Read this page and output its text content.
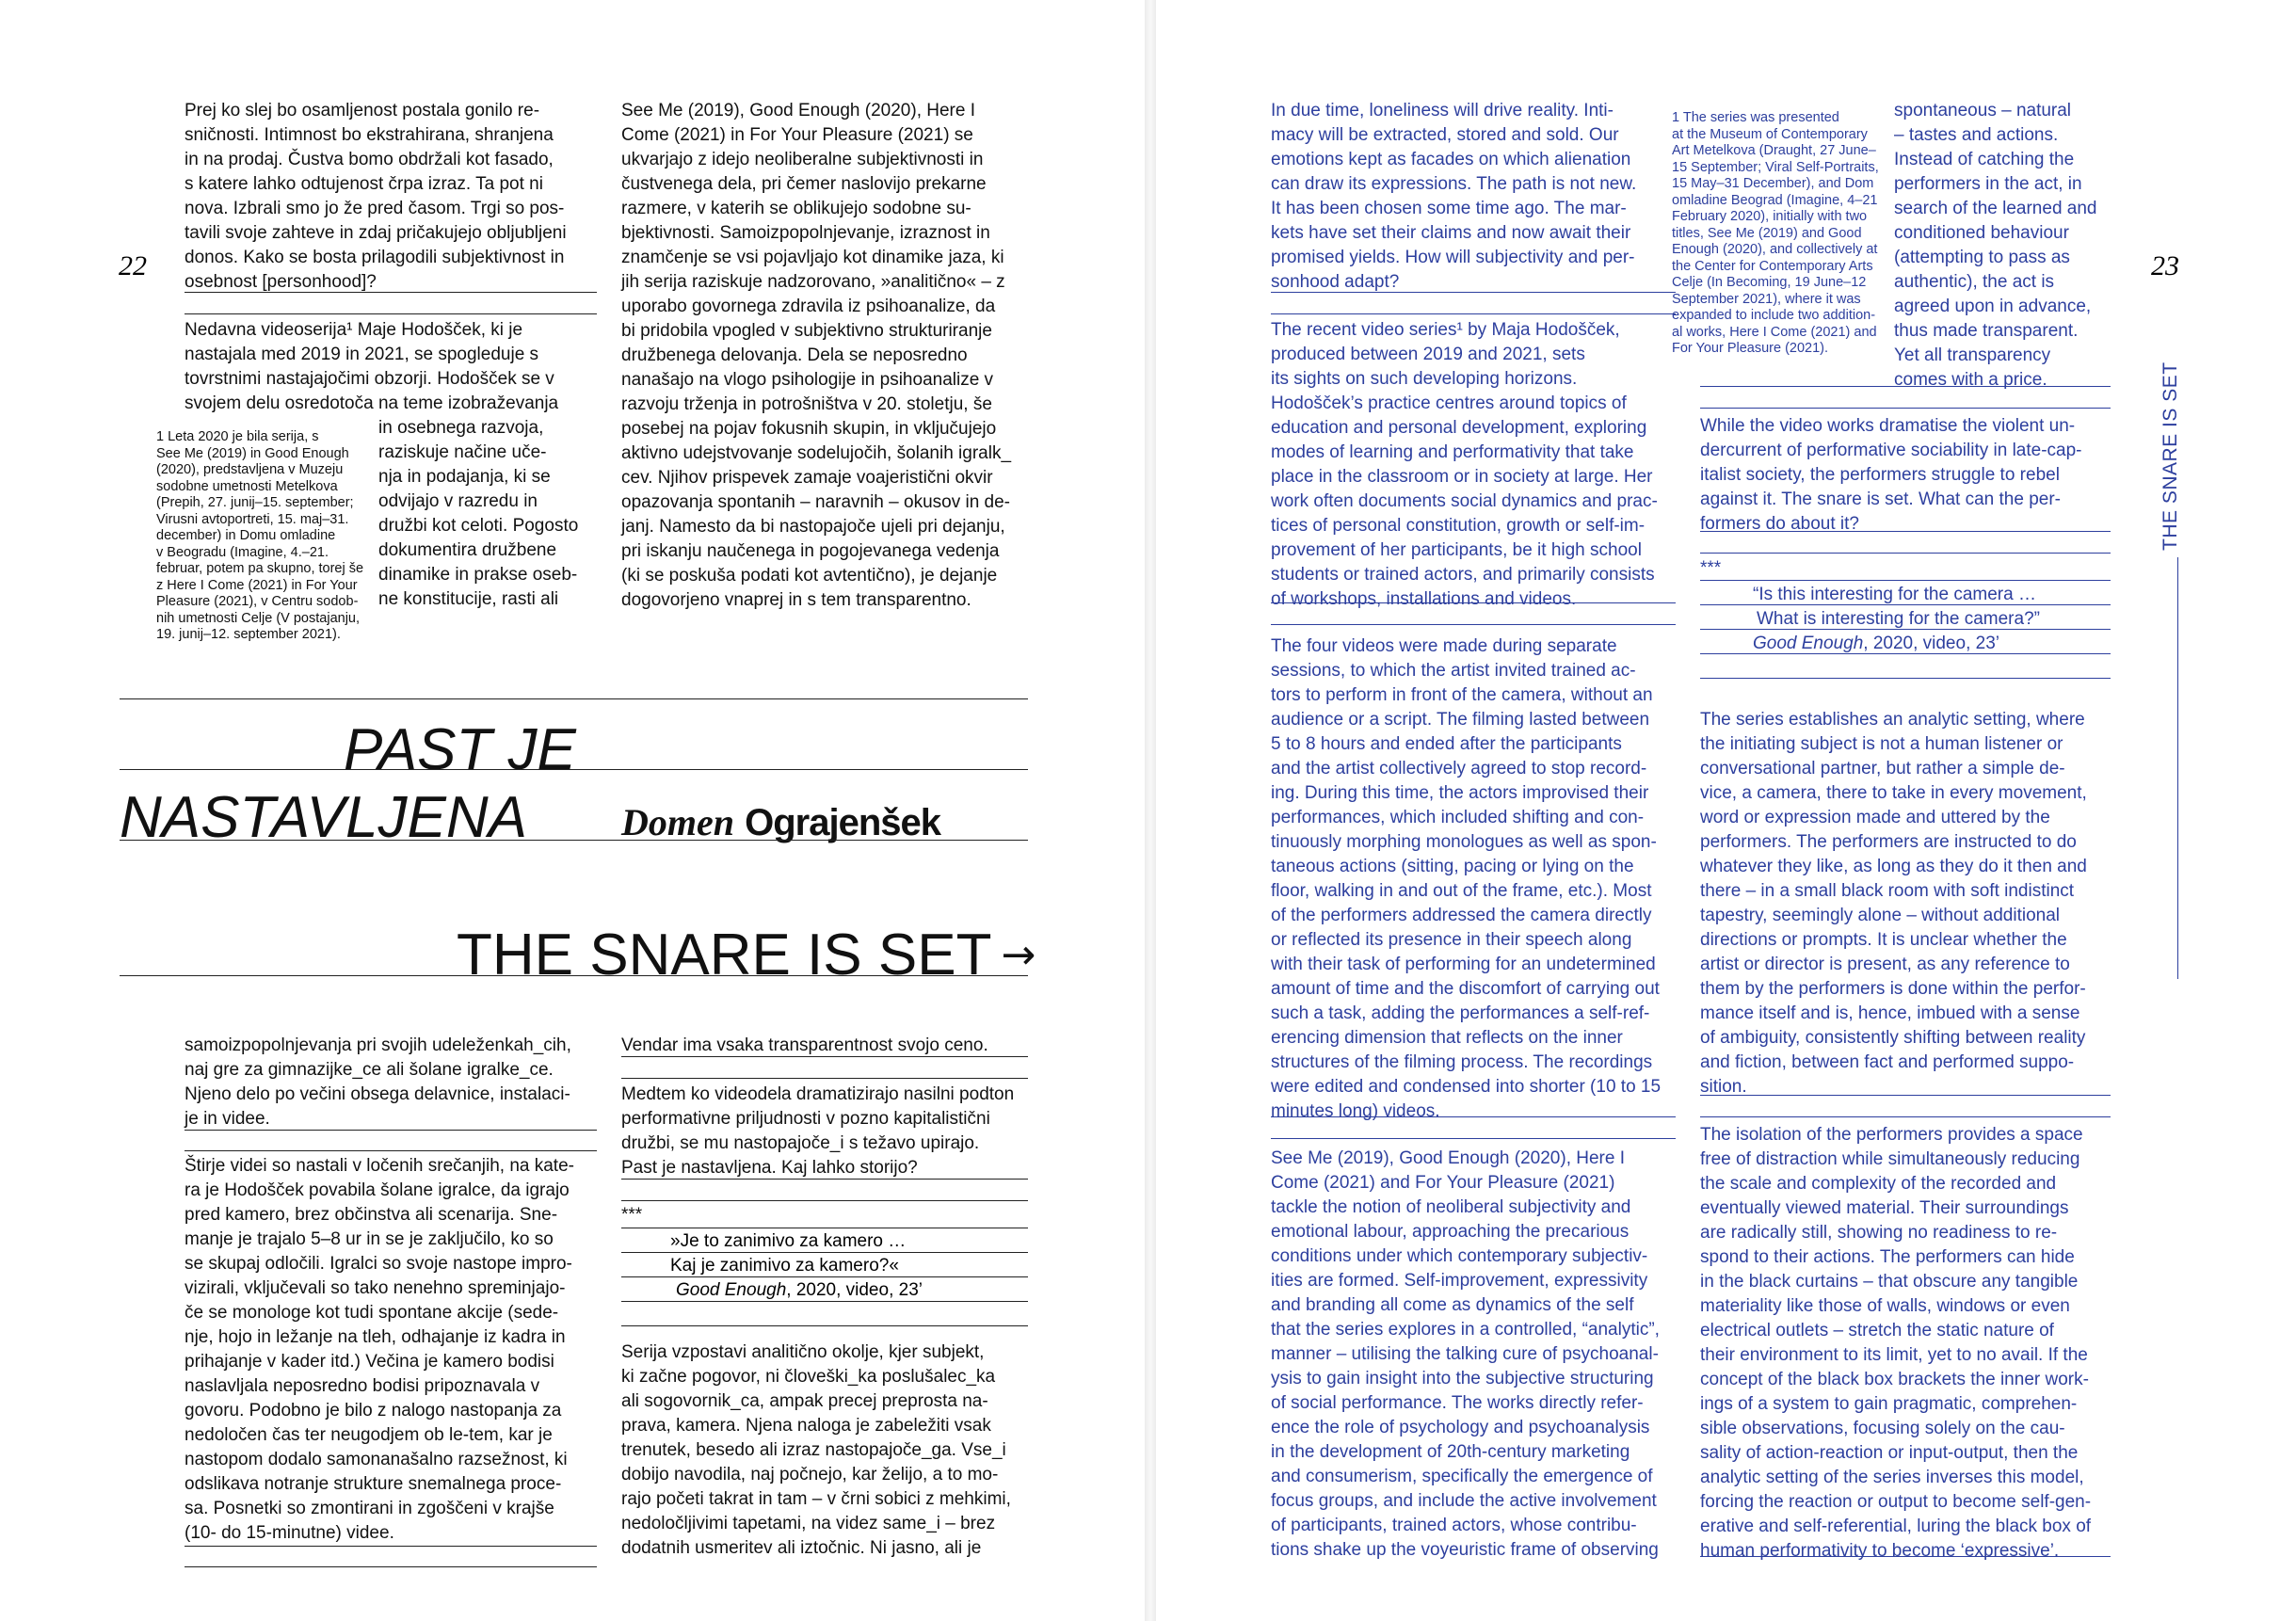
22
Prej ko slej bo osamljenost postala gonilo re-
sničnosti. Intimnost bo ekstrahirana, shranjena
in na prodaj. Čustva bomo obdržali kot fasado,
s katere lahko odtujenost črpa izraz. Ta pot ni
nova. Izbrali smo jo že pred časom. Trgi so pos-
tavili svoje zahteve in zdaj pričakujejo obljubljeni
donos. Kako se bosta prilagodili subjektivnost in
osebnost [personhood]?
Nedavna videoserija¹ Maje Hodošček, ki je
nastajala med 2019 in 2021, se spogleduje s
tovrstnimi nastajajočimi obzorji. Hodošček se v
svojem delu osredotoča na teme izobraževanja
in osebnega razvoja,
raziskuje načine uče-
nja in podajanja, ki se
odvijajo v razredu in
družbi kot celoti. Pogosto
dokumentira družbene
dinamike in prakse oseb-
ne konstitucije, rasti ali
1 Leta 2020 je bila serija, s
See Me (2019) in Good Enough
(2020), predstavljena v Muzeju
sodobne umetnosti Metelkova
(Prepih, 27. junij–15. september;
Virusni avtoportreti, 15. maj–31.
december) in Domu omladine
v Beogradu (Imagine, 4.–21.
februar, potem pa skupno, torej še
z Here I Come (2021) in For Your
Pleasure (2021), v Centru sodob-
nih umetnosti Celje (V postajanju,
19. junij–12. september 2021).
See Me (2019), Good Enough (2020), Here I
Come (2021) in For Your Pleasure (2021) se
ukvarjajo z idejo neoliberalne subjektivnosti in
čustvenega dela, pri čemer naslovijo prekarne
razmere, v katerih se oblikujejo sodobne su-
bjektivnosti. Samoizpopolnjevanje, izraznost in
znamčenje se vsi pojavljajo kot dinamike jaza, ki
jih serija raziskuje nadzorovano, »analitično« – z
uporabo govornega zdravila iz psihoanalize, da
bi pridobila vpogled v subjektivno strukturiranje
družbenega delovanja. Dela se neposredno
nanašajo na vlogo psihologije in psihoanalize v
razvoju trženja in potrošništva v 20. stoletju, še
posebej na pojav fokusnih skupin, in vključujejo
aktivno udejstvovanje sodelujočih, šolanih igralk_
cev. Njihov prispevek zamaje voajeristični okvir
opazovanja spontanih – naravnih – okusov in de-
janj. Namesto da bi nastopajoče ujeli pri dejanju,
pri iskanju naučenega in pogojevanega vedenja
(ki se poskuša podati kot avtentično), je dejanje
dogovorjeno vnaprej in s tem transparentno.
PAST JE
NASTAVLJENA Domen Ograjenšek
THE SNARE IS SET →
samoizpopolnjevanja pri svojih udeleženkah_cih,
naj gre za gimnazijke_ce ali šolane igralke_ce.
Njeno delo po večini obsega delavnice, instalaci-
je in videe.
Štirje videi so nastali v ločenih srečanjih, na kate-
ra je Hodošček povabila šolane igralce, da igrajo
pred kamero, brez občinstva ali scenarija. Sne-
manje je trajalo 5–8 ur in se je zaključilo, ko so
se skupaj odločili. Igralci so svoje nastope impro-
vizirali, vključevali so tako nenehno spreminjajo-
če se monologe kot tudi spontane akcije (sede-
nje, hojo in ležanje na tleh, odhajanje iz kadra in
prihajanje v kader itd.) Večina je kamero bodisi
naslavljala neposredno bodisi pripoznavala v
govoru. Podobno je bilo z nalogo nastopanja za
nedoločen čas ter neugodjem ob le-tem, kar je
nastopom dodalo samonanašalno razsežnost, ki
odslikava notranje strukture snemalnega proce-
sa. Posnetki so zmontirani in zgoščeni v krajše
(10- do 15-minutne) videe.
Vendar ima vsaka transparentnost svojo ceno.
Medtem ko videodela dramatizirajo nasilni podton
performativne priljudnosti v pozno kapitalistični
družbi, se mu nastopajoče_i s težavo upirajo.
Past je nastavljena. Kaj lahko storijo?
***
»Je to zanimivo za kamero …
Kaj je zanimivo za kamero?«
Good Enough, 2020, video, 23’
Serija vzpostavi analitično okolje, kjer subjekt,
ki začne pogovor, ni človeški_ka poslušalec_ka
ali sogovornik_ca, ampak precej preprosta na-
prava, kamera. Njena naloga je zabeležiti vsak
trenutek, besedo ali izraz nastopajoče_ga. Vse_i
dobijo navodila, naj počnejo, kar želijo, a to mo-
rajo početi takrat in tam – v črni sobici z mehkimi,
nedoločljivimi tapetami, na videz same_i – brez
dodatnih usmeritev ali iztočnic. Ni jasno, ali je
23
THE SNARE IS SET
In due time, loneliness will drive reality. Inti-
macy will be extracted, stored and sold. Our
emotions kept as facades on which alienation
can draw its expressions. The path is not new.
It has been chosen some time ago. The mar-
kets have set their claims and now await their
promised yields. How will subjectivity and per-
sonhood adapt?
The recent video series¹ by Maja Hodošček,
produced between 2019 and 2021, sets
its sights on such developing horizons.
Hodošček’s practice centres around topics of
education and personal development, exploring
modes of learning and performativity that take
place in the classroom or in society at large. Her
work often documents social dynamics and prac-
tices of personal constitution, growth or self-im-
provement of her participants, be it high school
students or trained actors, and primarily consists
of workshops, installations and videos.
The four videos were made during separate
sessions, to which the artist invited trained ac-
tors to perform in front of the camera, without an
audience or a script. The filming lasted between
5 to 8 hours and ended after the participants
and the artist collectively agreed to stop record-
ing. During this time, the actors improvised their
performances, which included shifting and con-
tinuously morphing monologues as well as spon-
taneous actions (sitting, pacing or lying on the
floor, walking in and out of the frame, etc.). Most
of the performers addressed the camera directly
or reflected its presence in their speech along
with their task of performing for an undetermined
amount of time and the discomfort of carrying out
such a task, adding the performances a self-ref-
erencing dimension that reflects on the inner
structures of the filming process. The recordings
were edited and condensed into shorter (10 to 15
minutes long) videos.
See Me (2019), Good Enough (2020), Here I
Come (2021) and For Your Pleasure (2021)
tackle the notion of neoliberal subjectivity and
emotional labour, approaching the precarious
conditions under which contemporary subjectiv-
ities are formed. Self-improvement, expressivity
and branding all come as dynamics of the self
that the series explores in a controlled, “analytic”,
manner – utilising the talking cure of psychoanal-
ysis to gain insight into the subjective structuring
of social performance. The works directly refer-
ence the role of psychology and psychoanalysis
in the development of 20th-century marketing
and consumerism, specifically the emergence of
focus groups, and include the active involvement
of participants, trained actors, whose contribu-
tions shake up the voyeuristic frame of observing
1 The series was presented
at the Museum of Contemporary
Art Metelkova (Draught, 27 June–
15 September; Viral Self-Portraits,
15 May–31 December), and Dom
omladine Beograd (Imagine, 4–21
February 2020), initially with two
titles, See Me (2019) and Good
Enough (2020), and collectively at
the Center for Contemporary Arts
Celje (In Becoming, 19 June–12
September 2021), where it was
expanded to include two addition-
al works, Here I Come (2021) and
For Your Pleasure (2021).
spontaneous – natural
– tastes and actions.
Instead of catching the
performers in the act, in
search of the learned and
conditioned behaviour
(attempting to pass as
authentic), the act is
agreed upon in advance,
thus made transparent.
Yet all transparency
comes with a price.
While the video works dramatise the violent un-
dercurrent of performative sociability in late-cap-
italist society, the performers struggle to rebel
against it. The snare is set. What can the per-
formers do about it?
***
“Is this interesting for the camera …
What is interesting for the camera?”
Good Enough, 2020, video, 23’
The series establishes an analytic setting, where
the initiating subject is not a human listener or
conversational partner, but rather a simple de-
vice, a camera, there to take in every movement,
word or expression made and uttered by the
performers. The performers are instructed to do
whatever they like, as long as they do it then and
there – in a small black room with soft indistinct
tapestry, seemingly alone – without additional
directions or prompts. It is unclear whether the
artist or director is present, as any reference to
them by the performers is done within the perfor-
mance itself and is, hence, imbued with a sense
of ambiguity, consistently shifting between reality
and fiction, between fact and performed suppo-
sition.
The isolation of the performers provides a space
free of distraction while simultaneously reducing
the scale and complexity of the recorded and
eventually viewed material. Their surroundings
are radically still, showing no readiness to re-
spond to their actions. The performers can hide
in the black curtains – that obscure any tangible
materiality like those of walls, windows or even
electrical outlets – stretch the static nature of
their environment to its limit, yet to no avail. If the
concept of the black box brackets the inner work-
ings of a system to gain pragmatic, comprehen-
sible observations, focusing solely on the cau-
sality of action-reaction or input-output, then the
analytic setting of the series inverses this model,
forcing the reaction or output to become self-gen-
erative and self-referential, luring the black box of
human performativity to become ‘expressive’.
